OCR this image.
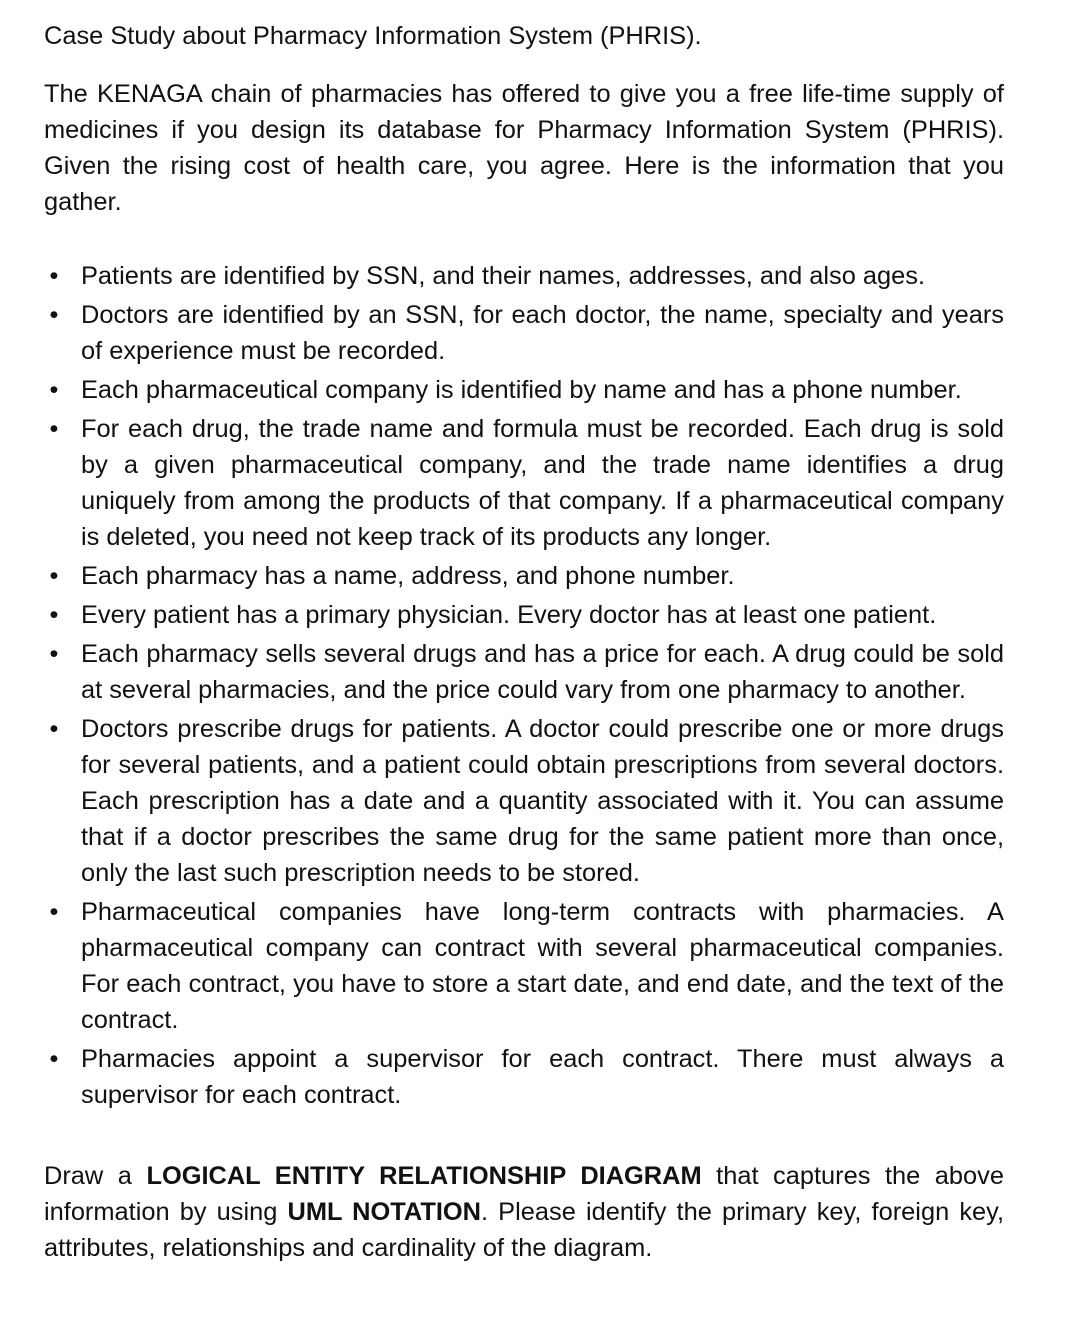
Case Study about Pharmacy Information System (PHRIS).

The KENAGA chain of pharmacies has offered to give you a free life-time supply of medicines if you design its database for Pharmacy Information System (PHRIS). Given the rising cost of health care, you agree. Here is the information that you gather.

• Patients are identified by SSN, and their names, addresses, and also ages.
• Doctors are identified by an SSN, for each doctor, the name, specialty and years of experience must be recorded.
• Each pharmaceutical company is identified by name and has a phone number.
• For each drug, the trade name and formula must be recorded. Each drug is sold by a given pharmaceutical company, and the trade name identifies a drug uniquely from among the products of that company. If a pharmaceutical company is deleted, you need not keep track of its products any longer.
• Each pharmacy has a name, address, and phone number.
• Every patient has a primary physician. Every doctor has at least one patient.
• Each pharmacy sells several drugs and has a price for each. A drug could be sold at several pharmacies, and the price could vary from one pharmacy to another.
• Doctors prescribe drugs for patients. A doctor could prescribe one or more drugs for several patients, and a patient could obtain prescriptions from several doctors. Each prescription has a date and a quantity associated with it. You can assume that if a doctor prescribes the same drug for the same patient more than once, only the last such prescription needs to be stored.
• Pharmaceutical companies have long-term contracts with pharmacies. A pharmaceutical company can contract with several pharmaceutical companies. For each contract, you have to store a start date, and end date, and the text of the contract.
• Pharmacies appoint a supervisor for each contract. There must always a supervisor for each contract.

Draw a LOGICAL ENTITY RELATIONSHIP DIAGRAM that captures the above information by using UML NOTATION. Please identify the primary key, foreign key, attributes, relationships and cardinality of the diagram.
